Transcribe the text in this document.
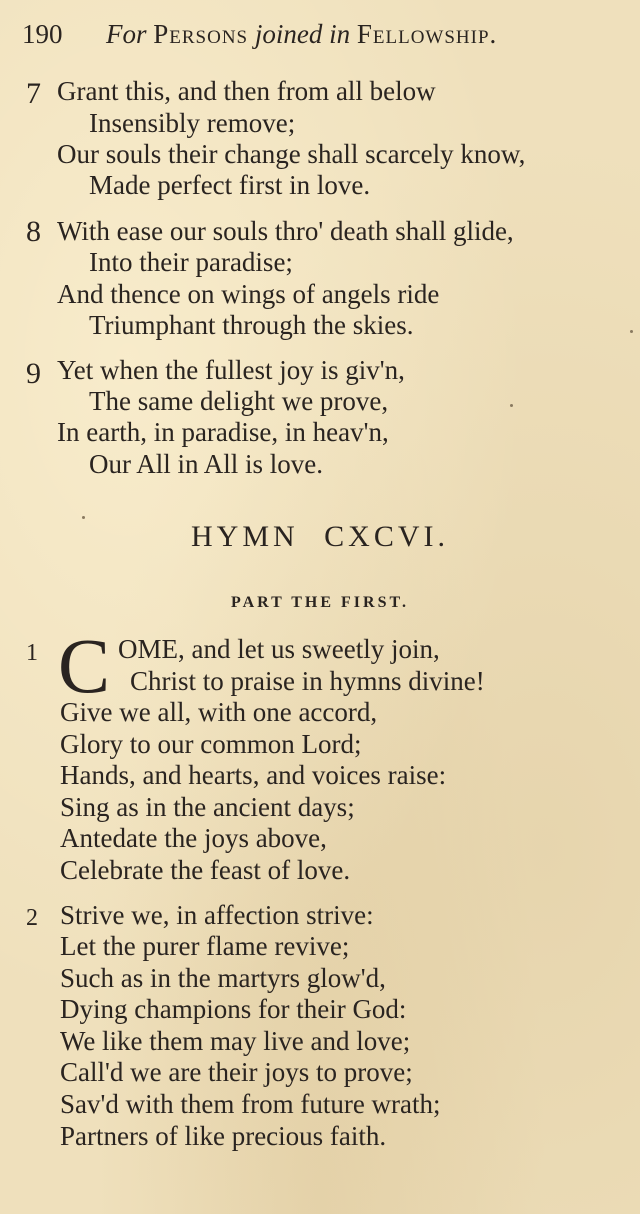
190 For Persons joined in Fellowship.
7 Grant this, and then from all below
Insensibly remove;
Our souls their change shall scarcely know,
Made perfect first in love.
8 With ease our souls thro' death shall glide,
Into their paradise;
And thence on wings of angels ride
Triumphant through the skies.
9 Yet when the fullest joy is giv'n,
The same delight we prove,
In earth, in paradise, in heav'n,
Our All in All is love.
HYMN CXCVI.
PART THE FIRST.
1 C OME, and let us sweetly join,
Christ to praise in hymns divine!
Give we all, with one accord,
Glory to our common Lord;
Hands, and hearts, and voices raise:
Sing as in the ancient days;
Antedate the joys above,
Celebrate the feast of love.
2 Strive we, in affection strive:
Let the purer flame revive;
Such as in the martyrs glow'd,
Dying champions for their God:
We like them may live and love;
Call'd we are their joys to prove;
Sav'd with them from future wrath;
Partners of like precious faith.
